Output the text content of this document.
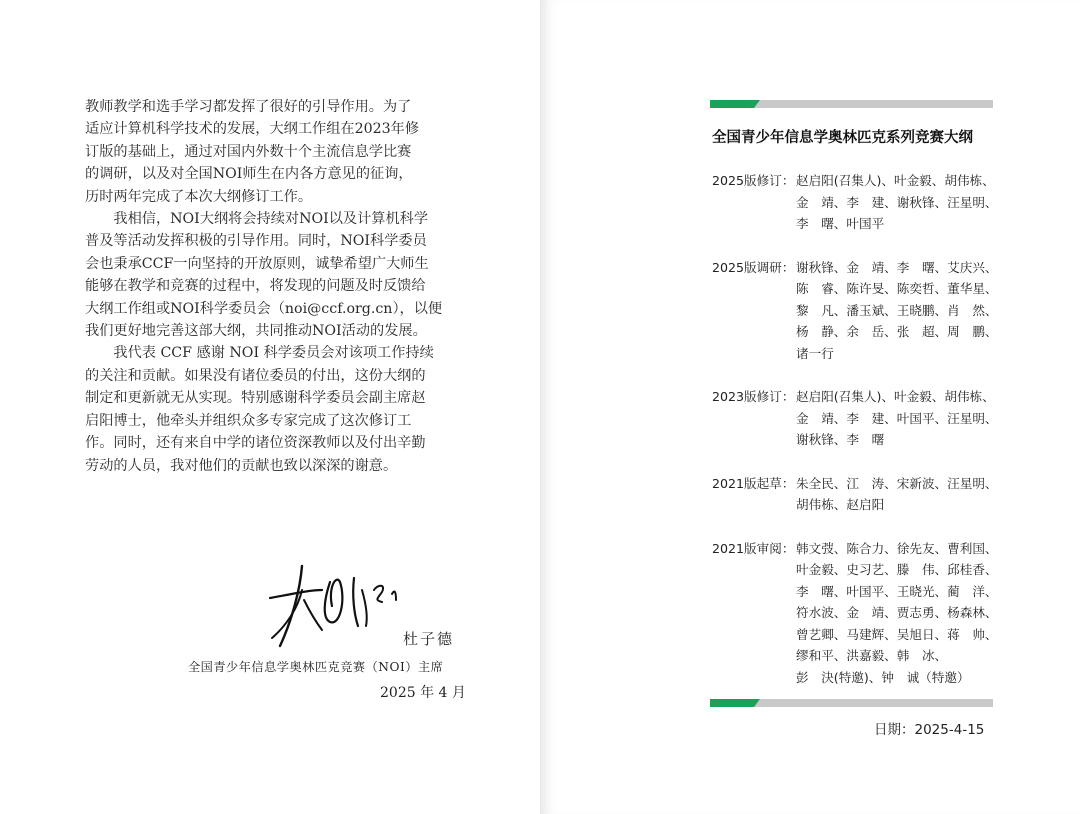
教师教学和选手学习都发挥了很好的引导作用。为了
适应计算机科学技术的发展，大纲工作组在2023年修
订版的基础上，通过对国内外数十个主流信息学比赛
的调研，以及对全国NOI师生在内各方意见的征询，
历时两年完成了本次大纲修订工作。
　　我相信，NOI大纲将会持续对NOI以及计算机科学
普及等活动发挥积极的引导作用。同时，NOI科学委员
会也秉承CCF一向坚持的开放原则，诚挚希望广大师生
能够在教学和竞赛的过程中，将发现的问题及时反馈给
大纲工作组或NOI科学委员会（noi@ccf.org.cn），以便
我们更好地完善这部大纲，共同推动NOI活动的发展。
　　我代表 CCF 感谢 NOI 科学委员会对该项工作持续
的关注和贡献。如果没有诸位委员的付出，这份大纲的
制定和更新就无从实现。特别感谢科学委员会副主席赵
启阳博士，他牵头并组织众多专家完成了这次修订工
作。同时，还有来自中学的诸位资深教师以及付出辛勤
劳动的人员，我对他们的贡献也致以深深的谢意。
杜子德
全国青少年信息学奥林匹克竞赛（NOI）主席
2025 年 4 月
全国青少年信息学奥林匹克系列竞赛大纲
2025版修订： 赵启阳(召集人)、叶金毅、胡伟栋、
金　靖、李　建、谢秋锋、汪星明、
李　曙、叶国平
2025版调研： 谢秋锋、金　靖、李　曙、艾庆兴、
陈　睿、陈许旻、陈奕哲、董华星、
黎　凡、潘玉斌、王晓鹏、肖　然、
杨　静、余　岳、张　超、周　鹏、
诸一行
2023版修订： 赵启阳(召集人)、叶金毅、胡伟栋、
金　靖、李　建、叶国平、汪星明、
谢秋锋、李　曙
2021版起草： 朱全民、江　涛、宋新波、汪星明、
胡伟栋、赵启阳
2021版审阅： 韩文弢、陈合力、徐先友、曹利国、
叶金毅、史习艺、滕　伟、邱桂香、
李　曙、叶国平、王晓光、蔺　洋、
符水波、金　靖、贾志勇、杨森林、
曾艺卿、马建辉、吴旭日、蒋　帅、
缪和平、洪嘉毅、韩　冰、
彭　決(特邀)、钟　诚（特邀）
日期：2025-4-15
